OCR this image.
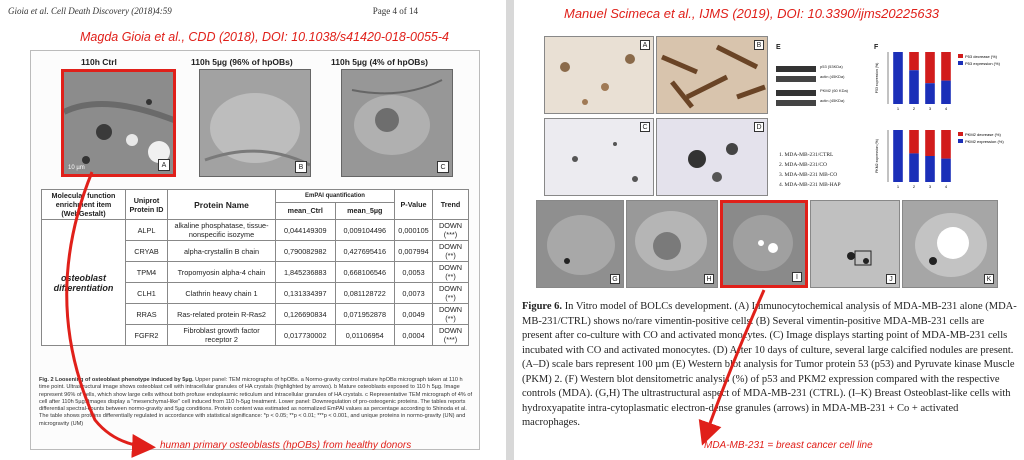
Gioia et al. Cell Death Discovery (2018)4:59	Page 4 of 14
Magda Gioia et al., CDD (2018), DOI: 10.1038/s41420-018-0055-4
110h Ctrl	110h 5µg (96% of hpOBs)	110h 5µg (4% of hpOBs)
A
10 µm	B	C
Molecular function enrichment item (WebGestalt)	Uniprot Protein ID	Protein Name	EmPAI quantification		P-Value	Trend
			mean_Ctrl	mean_5µg		
osteoblast differentiation	ALPL	alkaline phosphatase, tissue-nonspecific isozyme	0,044149309	0,009104496	0,000105	DOWN (***)
	CRYAB	alpha-crystallin B chain	0,790082982	0,427695416	0,007994	DOWN (**)
	TPM4	Tropomyosin alpha-4 chain	1,845236883	0,668106546	0,0053	DOWN (**)
	CLH1	Clathrin heavy chain 1	0,131334397	0,081128722	0,0073	DOWN (**)
	RRAS	Ras-related protein R-Ras2	0,126690834	0,071952878	0,0049	DOWN (**)
	FGFR2	Fibroblast growth factor receptor 2	0,017730002	0,01106954	0,0004	DOWN (***)
Fig. 2 Loosening of osteoblast phenotype induced by 5µg. Upper panel: TEM micrographs of hpOBs. a Normo-gravity control mature hpOBs micrograph taken at 110 h time point. Ultrastructural image shows osteoblast cell with intracellular granules of HA crystals (highlighted by arrows). b Mature osteoblasts exposed to 110 h 5µg. Image represent 96% of cells, which show large cells without both profuse endoplasmic reticulum and intracellular granules of HA crystals. c Representative TEM micrograph of 4% of cell after 110h 5µg. Images display a "mesenchymal-like" cell induced from 110 h-5µg treatment. Lower panel: Downregulation of pro-osteogenic proteins. The tables reports differential spectral-counts between normo-gravity and 5µg conditions. Protein content was estimated as normalized EmPAI values as percentage according to Shinoda et al. The table shows proteins differentially regulated in accordance with statistical significance: *p < 0.05; **p < 0.01; ***p < 0.001, and unique proteins in normo-gravity (UN) and microgravity (UM)
human primary osteoblasts (hpOBs) from healthy donors
Manuel Scimeca et al., IJMS (2019), DOI: 10.3390/ijms20225633
A	B
C	D
E
p53 (53KDa)
actin (45KDa)
PKM2 (60 KDa)
actin (45KDa)
1. MDA-MB-231/CTRL
2. MDA-MB-231/CO
3. MDA-MB-231 MB-CO
4. MDA-MB-231 MB-HAP
F
P53 expression (%)
1	2	3	4
P53 decrease (%)
P53 expression (%)
PKM2 expression (%)
1	2	3	4
PKM2 decrease (%)
PKM2 expression (%)
G	H	I	J	K
Figure 6. In Vitro model of BOLCs development. (A) Immunocytochemical analysis of MDA-MB-231 alone (MDA-MB-231/CTRL) shows no/rare vimentin-positive cells. (B) Several vimentin-positive MDA-MB-231 cells are present after co-culture with CO and activated monocytes. (C) Image displays starting point of MDA-MB-231 cells incubated with CO and activated monocytes. (D) After 10 days of culture, several large calcified nodules are present. (A–D) scale bars represent 100 µm (E) Western blot analysis for Tumor protein 53 (p53) and Pyruvate kinase Muscle (PKM) 2. (F) Western blot densitometric analysis (%) of p53 and PKM2 expression compared with the respective controls (MDA). (G,H) The ultrastructural aspect of MDA-MB-231 (CTRL). (I–K) Breast Osteoblast-like cells with hydroxyapatite intra-cytoplasmatic electron-dense granules (arrows) in MDA-MB-231 + Co + activated macrophages.
MDA-MB-231 = breast cancer cell line
